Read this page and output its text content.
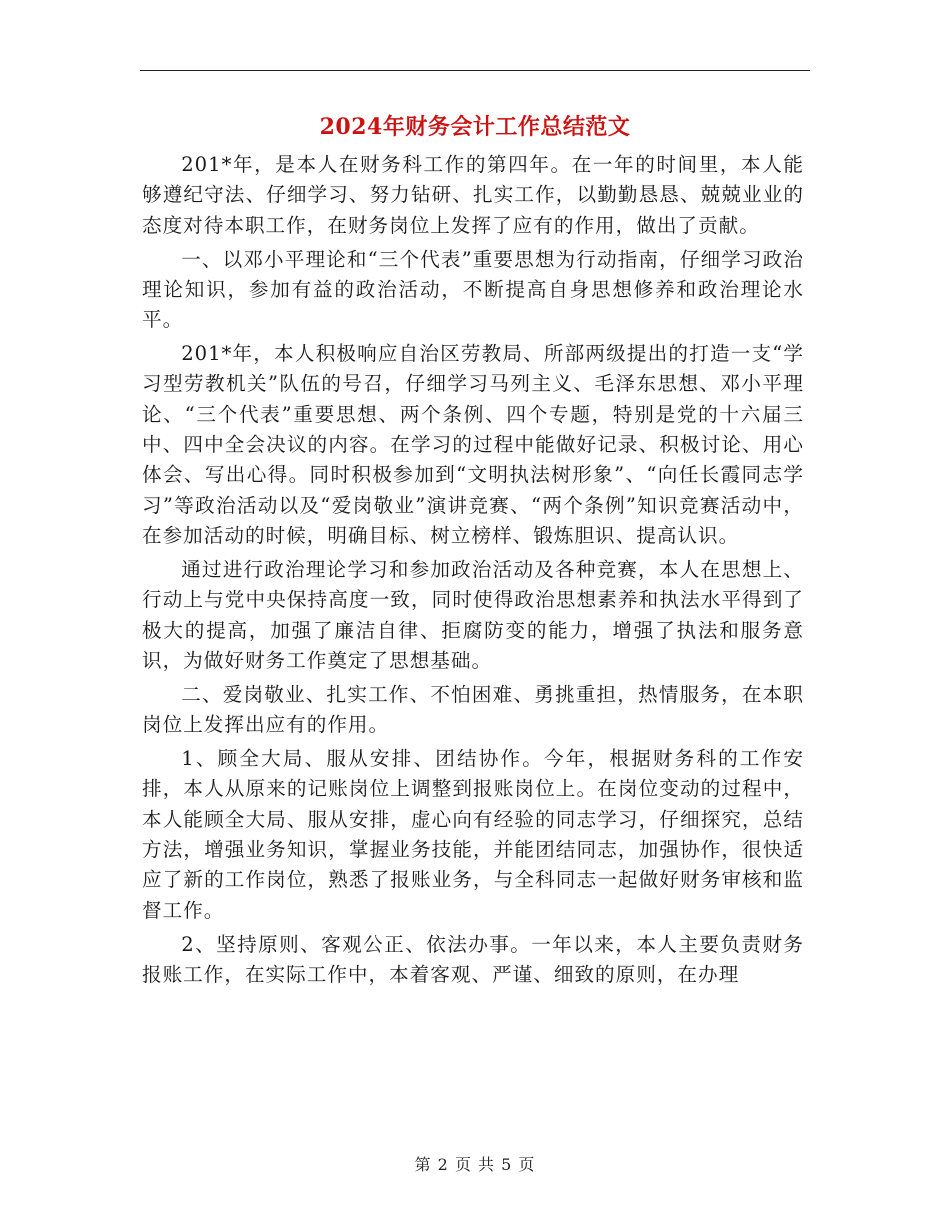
2024年财务会计工作总结范文

201*年，是本人在财务科工作的第四年。在一年的时间里，本人能够遵纪守法、仔细学习、努力钻研、扎实工作，以勤勤恳恳、兢兢业业的态度对待本职工作，在财务岗位上发挥了应有的作用，做出了贡献。

一、以邓小平理论和“三个代表”重要思想为行动指南，仔细学习政治理论知识，参加有益的政治活动，不断提高自身思想修养和政治理论水平。

201*年，本人积极响应自治区劳教局、所部两级提出的打造一支“学习型劳教机关”队伍的号召，仔细学习马列主义、毛泽东思想、邓小平理论、“三个代表”重要思想、两个条例、四个专题，特别是党的十六届三中、四中全会决议的内容。在学习的过程中能做好记录、积极讨论、用心体会、写出心得。同时积极参加到“文明执法树形象”、“向任长霞同志学习”等政治活动以及“爱岗敬业”演讲竞赛、“两个条例”知识竞赛活动中，在参加活动的时候，明确目标、树立榜样、锻炼胆识、提高认识。

通过进行政治理论学习和参加政治活动及各种竞赛，本人在思想上、行动上与党中央保持高度一致，同时使得政治思想素养和执法水平得到了极大的提高，加强了廉洁自律、拒腐防变的能力，增强了执法和服务意识，为做好财务工作奠定了思想基础。

二、爱岗敬业、扎实工作、不怕困难、勇挑重担，热情服务，在本职岗位上发挥出应有的作用。

1、顾全大局、服从安排、团结协作。今年，根据财务科的工作安排，本人从原来的记账岗位上调整到报账岗位上。在岗位变动的过程中，本人能顾全大局、服从安排，虚心向有经验的同志学习，仔细探究，总结方法，增强业务知识，掌握业务技能，并能团结同志，加强协作，很快适应了新的工作岗位，熟悉了报账业务，与全科同志一起做好财务审核和监督工作。

2、坚持原则、客观公正、依法办事。一年以来，本人主要负责财务报账工作，在实际工作中，本着客观、严谨、细致的原则，在办理

第 2 页 共 5 页
